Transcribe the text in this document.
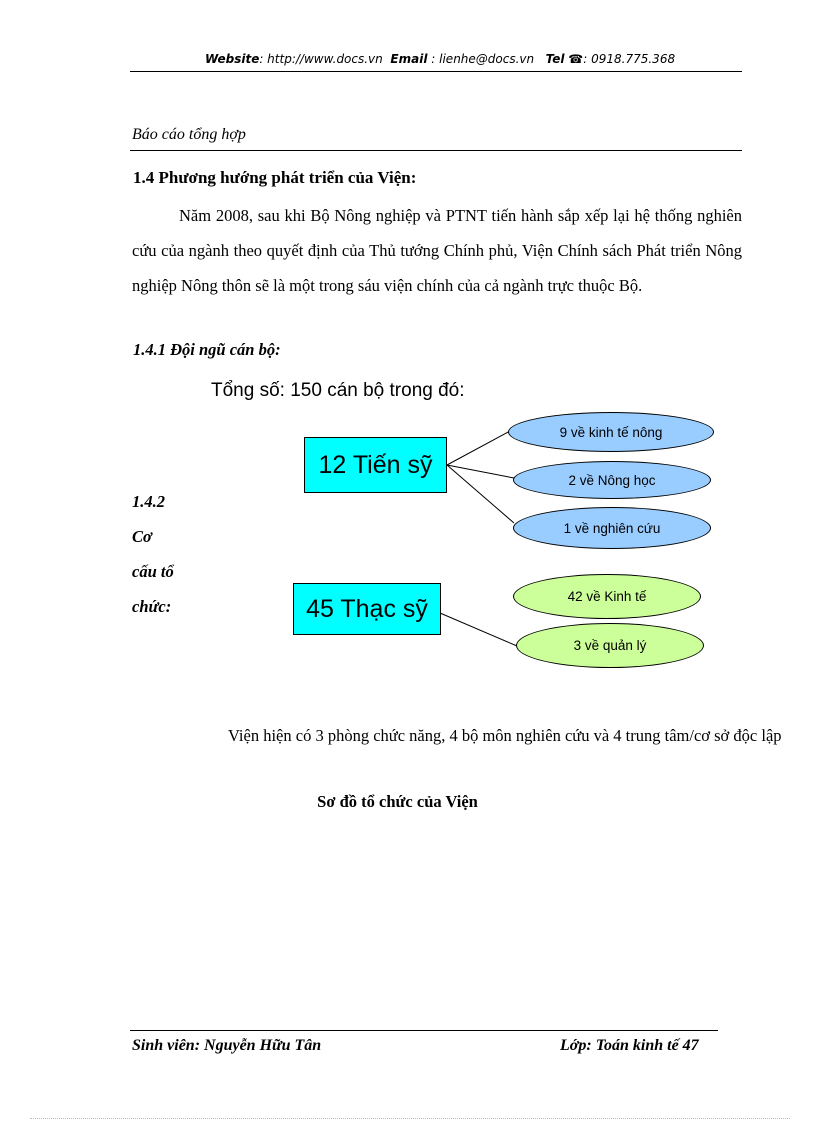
Website: http://www.docs.vn Email : lienhe@docs.vn Tel ☎: 0918.775.368
Báo cáo tổng hợp
1.4 Phương hướng phát triển của Viện:
Năm 2008, sau khi Bộ Nông nghiệp và PTNT tiến hành sắp xếp lại hệ thống nghiên cứu của ngành theo quyết định của Thủ tướng Chính phủ, Viện Chính sách Phát triển Nông nghiệp Nông thôn sẽ là một trong sáu viện chính của cả ngành trực thuộc Bộ.
1.4.1 Đội ngũ cán bộ:
Tổng số: 150 cán bộ trong đó:
12 Tiến sỹ
9 về kinh tế nông
2 về Nông học
1 về nghiên cứu
45 Thạc sỹ	42 về Kinh tế
3 về quản lý
1.4.2
Cơ
cấu tổ
chức:
Viện hiện có 3 phòng chức năng, 4 bộ môn nghiên cứu và 4 trung tâm/cơ sở độc lập
Sơ đồ tổ chức của Viện
Sinh viên: Nguyễn Hữu Tân	Lớp: Toán kinh tế 47
